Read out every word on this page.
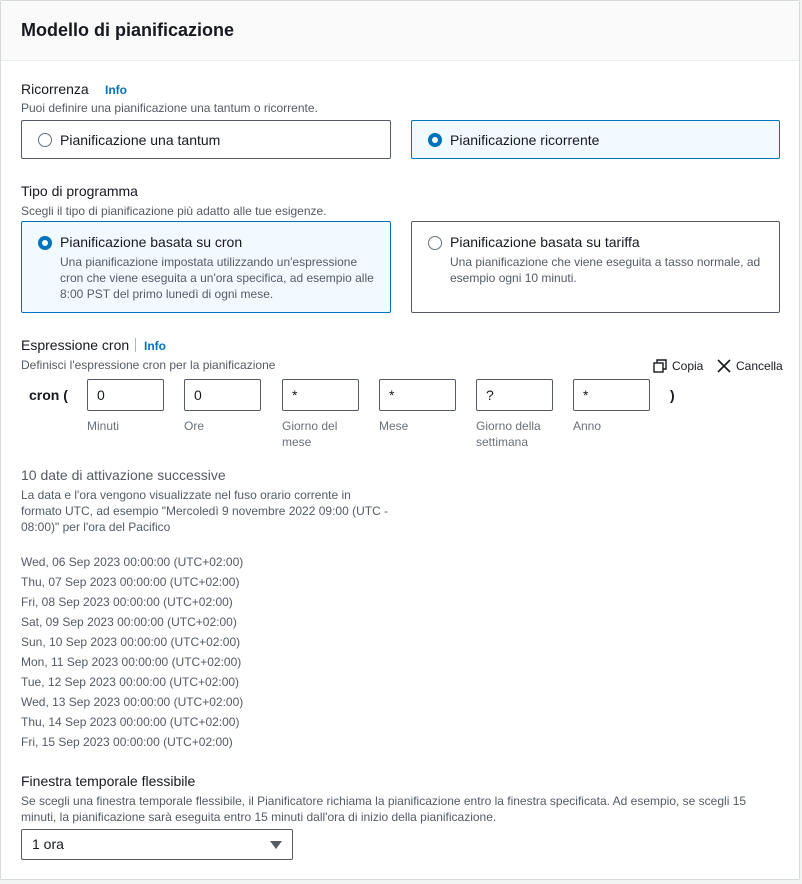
Modello di pianificazione
Ricorrenza Info
Puoi definire una pianificazione una tantum o ricorrente.
Pianificazione una tantum	Pianificazione ricorrente
Tipo di programma
Scegli il tipo di pianificazione più adatto alle tue esigenze.
Pianificazione basata su cron
Una pianificazione impostata utilizzando un'espressione cron che viene eseguita a un'ora specifica, ad esempio alle 8:00 PST del primo lunedì di ogni mese.
Pianificazione basata su tariffa
Una pianificazione che viene eseguita a tasso normale, ad esempio ogni 10 minuti.
Espressione cron Info
Definisci l'espressione cron per la pianificazione	Copia	Cancella
cron (	0
Minuti
0
Ore
*
Giorno del mese
*
Mese
?
Giorno della settimana
*
Anno
)
10 date di attivazione successive
La data e l'ora vengono visualizzate nel fuso orario corrente in formato UTC, ad esempio "Mercoledì 9 novembre 2022 09:00 (UTC - 08:00)" per l'ora del Pacifico
Wed, 06 Sep 2023 00:00:00 (UTC+02:00)
Thu, 07 Sep 2023 00:00:00 (UTC+02:00)
Fri, 08 Sep 2023 00:00:00 (UTC+02:00)
Sat, 09 Sep 2023 00:00:00 (UTC+02:00)
Sun, 10 Sep 2023 00:00:00 (UTC+02:00)
Mon, 11 Sep 2023 00:00:00 (UTC+02:00)
Tue, 12 Sep 2023 00:00:00 (UTC+02:00)
Wed, 13 Sep 2023 00:00:00 (UTC+02:00)
Thu, 14 Sep 2023 00:00:00 (UTC+02:00)
Fri, 15 Sep 2023 00:00:00 (UTC+02:00)
Finestra temporale flessibile
Se scegli una finestra temporale flessibile, il Pianificatore richiama la pianificazione entro la finestra specificata. Ad esempio, se scegli 15 minuti, la pianificazione sarà eseguita entro 15 minuti dall'ora di inizio della pianificazione.
1 ora
